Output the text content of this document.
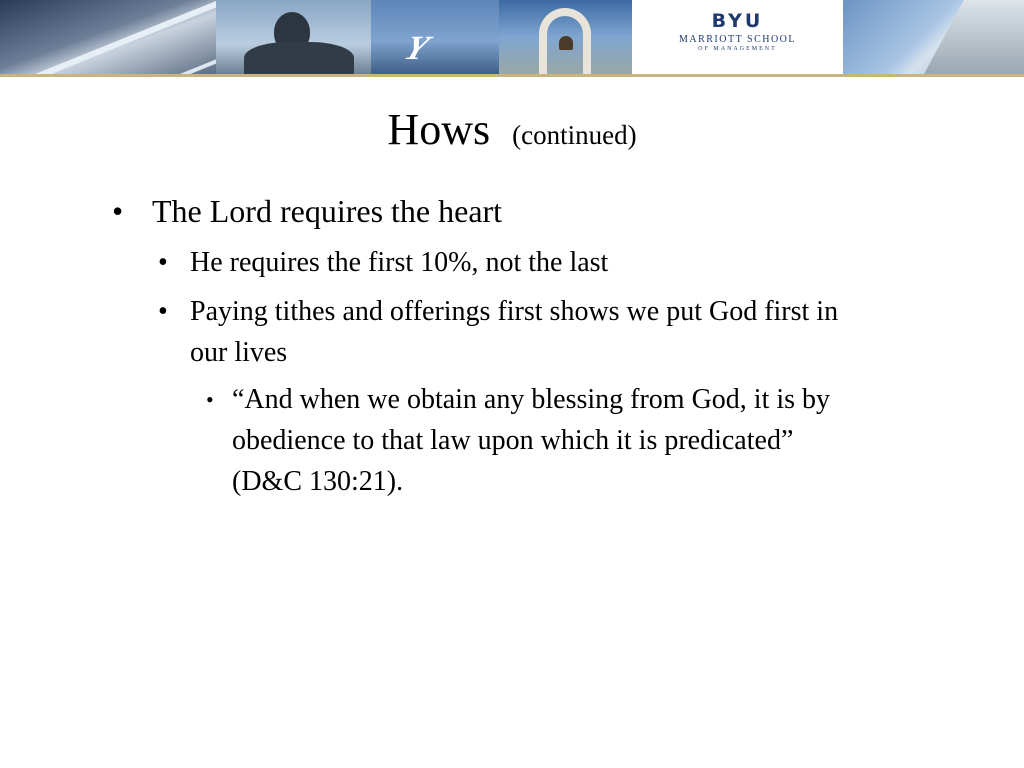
Y
BYU
MARRIOTT SCHOOL
OF MANAGEMENT
Hows (continued)
• The Lord requires the heart
• He requires the first 10%, not the last
• Paying tithes and offerings first shows we put God first in our lives
• “And when we obtain any blessing from God, it is by obedience to that law upon which it is predicated” (D&C 130:21).
